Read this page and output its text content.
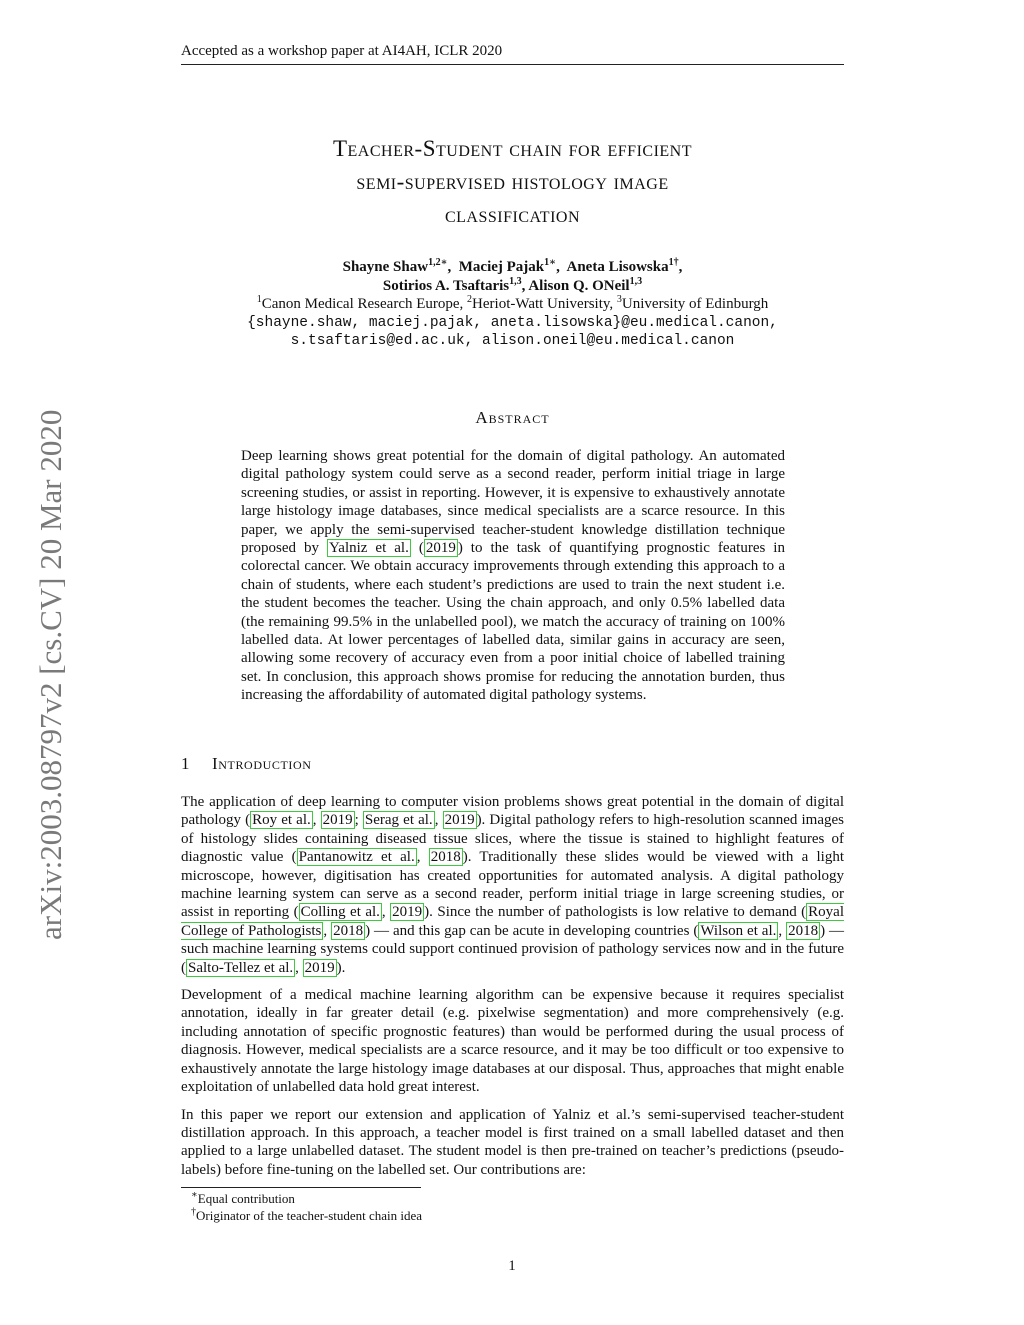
Accepted as a workshop paper at AI4AH, ICLR 2020
arXiv:2003.08797v2 [cs.CV] 20 Mar 2020
Teacher-Student chain for efficient
semi-supervised histology image
classification
Shayne Shaw$^{1,2∗}$,  Maciej Pajak$^{1∗}$,  Aneta Lisowska$^{1\dagger}$,
Sotirios A. Tsaftaris$^{1,3}$, Alison Q. ONeil$^{1,3}$
$^1$Canon Medical Research Europe, $^2$Heriot-Watt University, $^3$University of Edinburgh
{shayne.shaw, maciej.pajak, aneta.lisowska}@eu.medical.canon,
s.tsaftaris@ed.ac.uk, alison.oneil@eu.medical.canon
Abstract
Deep learning shows great potential for the domain of digital pathology. An automated digital pathology system could serve as a second reader, perform initial triage in large screening studies, or assist in reporting. However, it is expensive to exhaustively annotate large histology image databases, since medical specialists are a scarce resource. In this paper, we apply the semi-supervised teacher-student knowledge distillation technique proposed by Yalniz et al. ( 2019 ) to the task of quantifying prognostic features in colorectal cancer. We obtain accuracy improvements through extending this approach to a chain of students, where each student’s predictions are used to train the next student i.e. the student becomes the teacher. Using the chain approach, and only 0.5% labelled data (the remaining 99.5% in the unlabelled pool), we match the accuracy of training on 100% labelled data. At lower percentages of labelled data, similar gains in accuracy are seen, allowing some recovery of accuracy even from a poor initial choice of labelled training set. In conclusion, this approach shows promise for reducing the annotation burden, thus increasing the affordability of automated digital pathology systems.
1 Introduction

The application of deep learning to computer vision problems shows great potential in the domain of digital pathology ( Roy et al. , 2019 ; Serag et al. , 2019 ). Digital pathology refers to high-resolution scanned images of histology slides containing diseased tissue slices, where the tissue is stained to highlight features of diagnostic value ( Pantanowitz et al. , 2018 ). Traditionally these slides would be viewed with a light microscope, however, digitisation has created opportunities for automated analysis. A digital pathology machine learning system can serve as a second reader, perform initial triage in large screening studies, or assist in reporting ( Colling et al. , 2019 ). Since the number of pathologists is low relative to demand ( Royal College of Pathologists , 2018 ) — and this gap can be acute in developing countries ( Wilson et al. , 2018 ) — such machine learning systems could support continued provision of pathology services now and in the future ( Salto-Tellez et al. , 2019 ).

Development of a medical machine learning algorithm can be expensive because it requires specialist annotation, ideally in far greater detail (e.g. pixelwise segmentation) and more comprehensively (e.g. including annotation of specific prognostic features) than would be performed during the usual process of diagnosis. However, medical specialists are a scarce resource, and it may be too difficult or too expensive to exhaustively annotate the large histology image databases at our disposal. Thus, approaches that might enable exploitation of unlabelled data hold great interest.

In this paper we report our extension and application of Yalniz et al.’s semi-supervised teacher-student distillation approach. In this approach, a teacher model is first trained on a small labelled dataset and then applied to a large unlabelled dataset. The student model is then pre-trained on teacher’s predictions (pseudo-labels) before fine-tuning on the labelled set. Our contributions are:

∗Equal contribution
†Originator of the teacher-student chain idea
1
